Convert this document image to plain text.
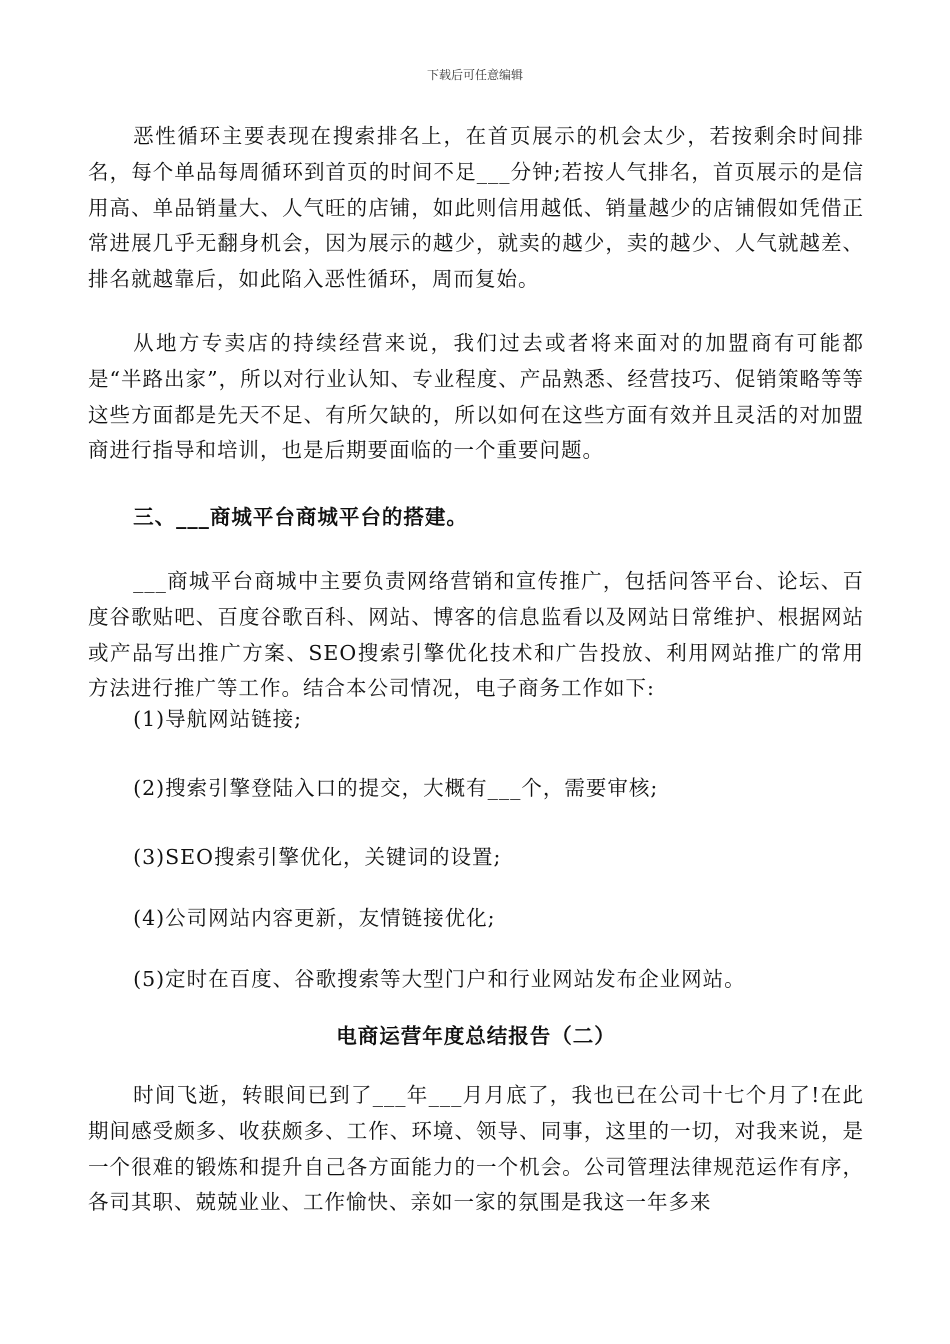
下载后可任意编辑

恶性循环主要表现在搜索排名上，在首页展示的机会太少，若按剩余时间排名，每个单品每周循环到首页的时间不足___分钟;若按人气排名，首页展示的是信用高、单品销量大、人气旺的店铺，如此则信用越低、销量越少的店铺假如凭借正常进展几乎无翻身机会，因为展示的越少，就卖的越少，卖的越少、人气就越差、排名就越靠后，如此陷入恶性循环，周而复始。

从地方专卖店的持续经营来说，我们过去或者将来面对的加盟商有可能都是“半路出家”，所以对行业认知、专业程度、产品熟悉、经营技巧、促销策略等等这些方面都是先天不足、有所欠缺的，所以如何在这些方面有效并且灵活的对加盟商进行指导和培训，也是后期要面临的一个重要问题。

三、___商城平台商城平台的搭建。

___商城平台商城中主要负责网络营销和宣传推广，包括问答平台、论坛、百度谷歌贴吧、百度谷歌百科、网站、博客的信息监看以及网站日常维护、根据网站或产品写出推广方案、SEO搜索引擎优化技术和广告投放、利用网站推广的常用方法进行推广等工作。结合本公司情况，电子商务工作如下:

(1)导航网站链接;

(2)搜索引擎登陆入口的提交，大概有___个，需要审核;

(3)SEO搜索引擎优化，关键词的设置;

(4)公司网站内容更新，友情链接优化;

(5)定时在百度、谷歌搜索等大型门户和行业网站发布企业网站。

电商运营年度总结报告（二）

时间飞逝，转眼间已到了___年___月月底了，我也已在公司十七个月了!在此期间感受颇多、收获颇多、工作、环境、领导、同事，这里的一切，对我来说，是一个很难的锻炼和提升自己各方面能力的一个机会。公司管理法律规范运作有序，各司其职、兢兢业业、工作愉快、亲如一家的氛围是我这一年多来
